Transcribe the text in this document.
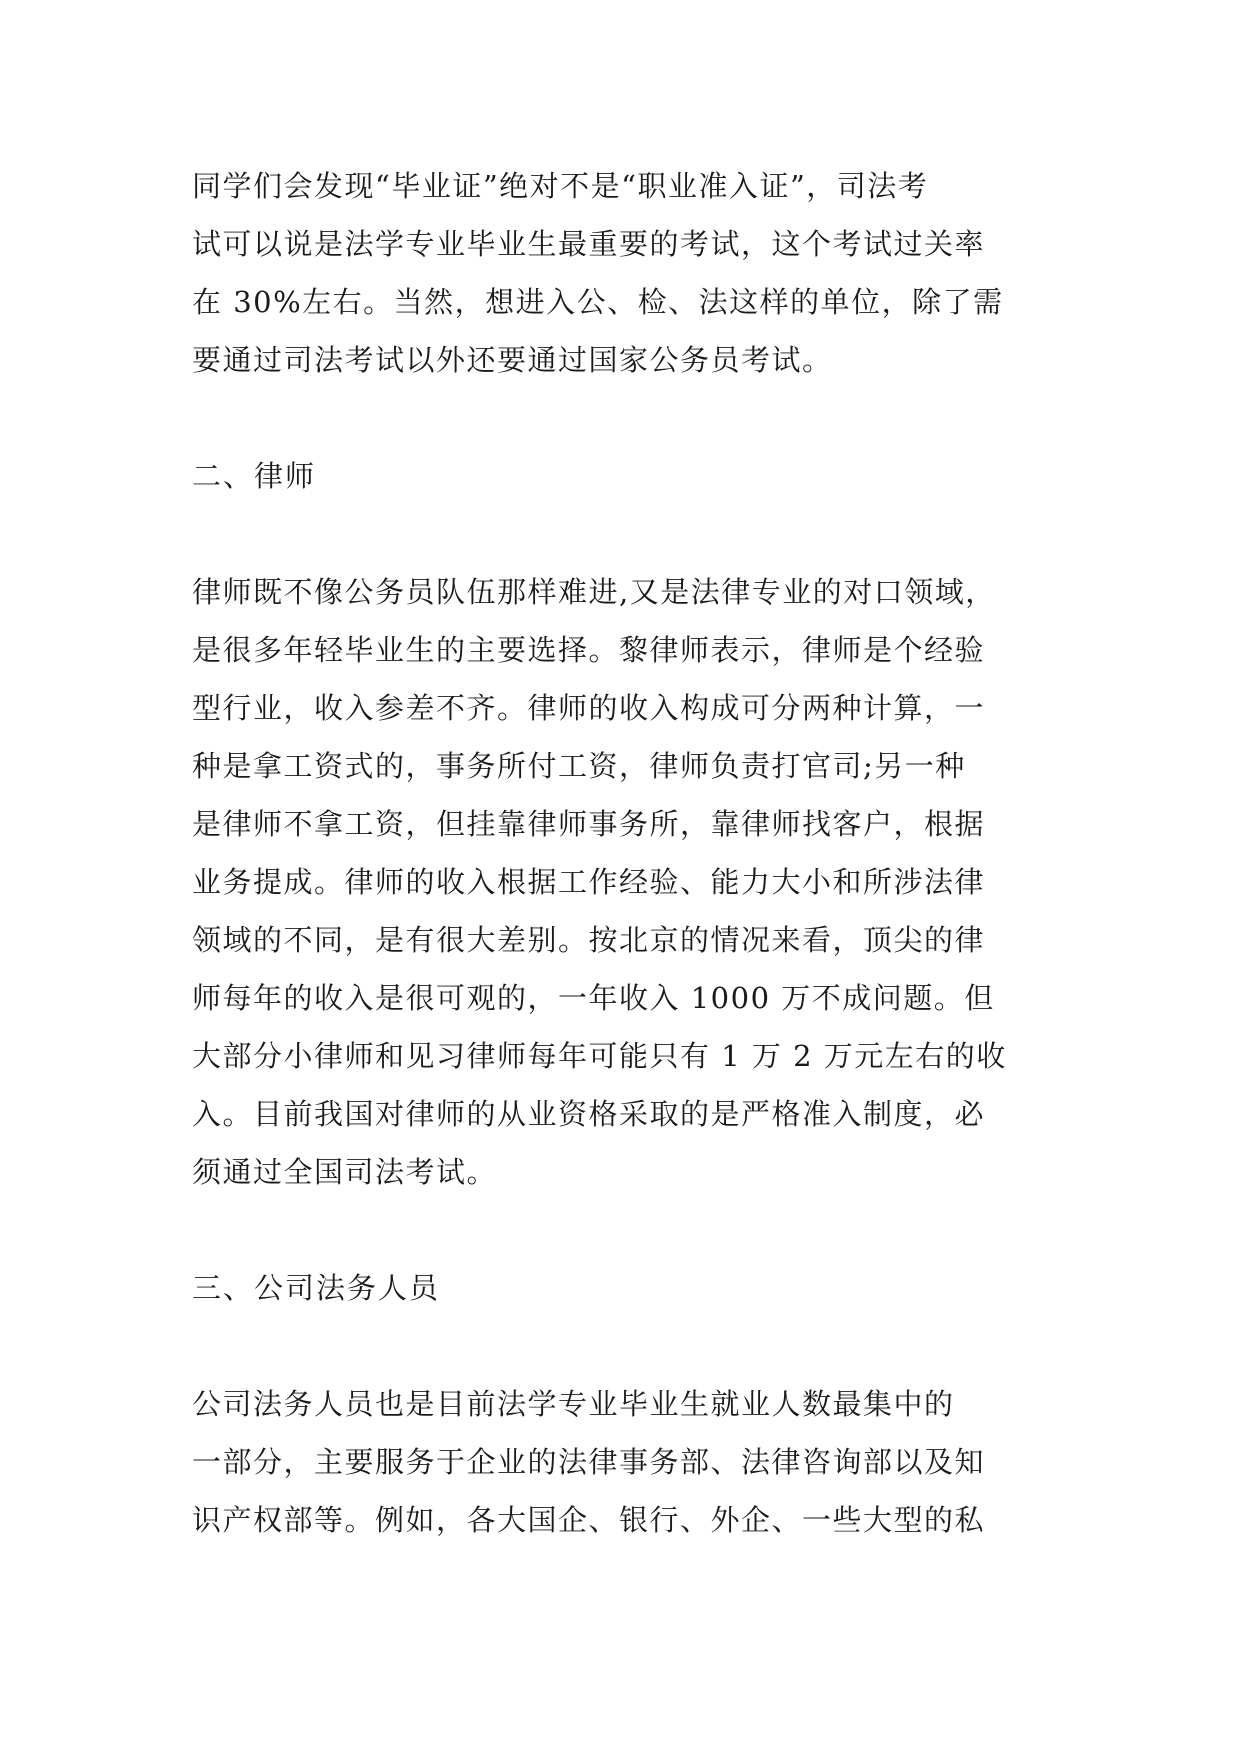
同学们会发现“毕业证”绝对不是“职业准入证”，司法考
试可以说是法学专业毕业生最重要的考试，这个考试过关率
在 30%左右。当然，想进入公、检、法这样的单位，除了需
要通过司法考试以外还要通过国家公务员考试。
二、律师
律师既不像公务员队伍那样难进,又是法律专业的对口领域，
是很多年轻毕业生的主要选择。黎律师表示，律师是个经验
型行业，收入参差不齐。律师的收入构成可分两种计算，一
种是拿工资式的，事务所付工资，律师负责打官司;另一种
是律师不拿工资，但挂靠律师事务所，靠律师找客户，根据
业务提成。律师的收入根据工作经验、能力大小和所涉法律
领域的不同，是有很大差别。按北京的情况来看，顶尖的律
师每年的收入是很可观的，一年收入 1000 万不成问题。但
大部分小律师和见习律师每年可能只有 1 万 2 万元左右的收
入。目前我国对律师的从业资格采取的是严格准入制度，必
须通过全国司法考试。
三、公司法务人员
公司法务人员也是目前法学专业毕业生就业人数最集中的
一部分，主要服务于企业的法律事务部、法律咨询部以及知
识产权部等。例如，各大国企、银行、外企、一些大型的私
